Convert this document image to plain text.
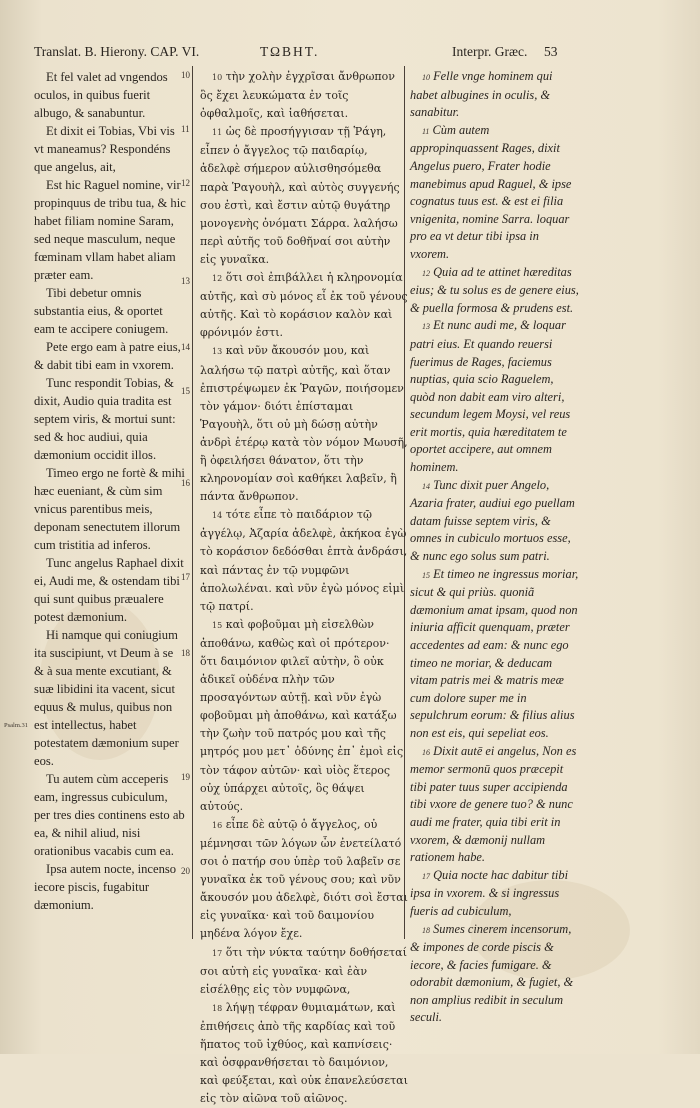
Translat. B. Hierony. CAP. VI.	ΤΩΒΗΤ.	Interpr. Græc. 53
Psalm.31

Et fel valet ad vngendos oculos, in quibus fuerit albugo, & sanabuntur.

Et dixit ei Tobias, Vbi vis vt maneamus? Respondéns que angelus, ait,

Est hic Raguel nomine, vir propinquus de tribu tua, & hic habet filiam nomine Saram, sed neque masculum, neque fœminam vllam habet aliam præter eam.

Tibi debetur omnis substantia eius, & oportet eam te accipere coniugem.

Pete ergo eam à patre eius, & dabit tibi eam in vxorem.

Tunc respondit Tobias, & dixit, Audio quia tradita est septem viris, & mortui sunt: sed & hoc audiui, quia dæmonium occidit illos.

Timeo ergo ne fortè & mihi hæc eueniant, & cùm sim vnicus parentibus meis, deponam senectutem illorum cum tristitia ad inferos.

Tunc angelus Raphael dixit ei, Audi me, & ostendam tibi qui sunt quibus præualere potest dæmonium.

Hi namque qui coniugium ita suscipiunt, vt Deum à se & à sua mente excutiant, & suæ libidini ita vacent, sicut equus & mulus, quibus non est intellectus, habet potestatem dæmonium super eos.

Tu autem cùm acceperis eam, ingressus cubiculum, per tres dies continens esto ab ea, & nihil aliud, nisi orationibus vacabis cum ea.

Ipsa autem nocte, incenso iecore piscis, fugabitur dæmonium.

10
11
12
13
14
15
16
17
18
19
20

10 τὴν χολὴν ἐγχρῖσαι ἄνθρωπον ὃς ἔχει λευκώματα ἐν τοῖς ὀφθαλμοῖς, καὶ ἰαθήσεται.

11 ὡς δὲ προσήγγισαν τῇ Ῥάγη, εἶπεν ὁ ἄγγελος τῷ παιδαρίῳ, ἀδελφὲ σήμερον αὐλισθησόμεθα παρὰ Ῥαγουὴλ, καὶ αὐτὸς συγγενής σου ἐστὶ, καὶ ἔστιν αὐτῷ θυγάτηρ μονογενὴς ὀνόματι Σάρρα. λαλήσω περὶ αὐτῆς τοῦ δοθῆναί σοι αὐτὴν εἰς γυναῖκα.

12 ὅτι σοὶ ἐπιβάλλει ἡ κληρονομία αὐτῆς, καὶ σὺ μόνος εἶ ἐκ τοῦ γένους αὐτῆς. Καὶ τὸ κοράσιον καλὸν καὶ φρόνιμόν ἐστι.

13 καὶ νῦν ἄκουσόν μου, καὶ λαλήσω τῷ πατρὶ αὐτῆς, καὶ ὅταν ἐπιστρέψωμεν ἐκ Ῥαγῶν, ποιήσομεν τὸν γάμον· διότι ἐπίσταμαι Ῥαγουὴλ, ὅτι οὐ μὴ δώσῃ αὐτὴν ἀνδρὶ ἑτέρῳ κατὰ τὸν νόμον Μωυσῆ, ἢ ὀφειλήσει θάνατον, ὅτι τὴν κληρονομίαν σοὶ καθήκει λαβεῖν, ἢ πάντα ἄνθρωπον.

14 τότε εἶπε τὸ παιδάριον τῷ ἀγγέλῳ, Ἀζαρία ἀδελφὲ, ἀκήκοα ἐγὼ τὸ κοράσιον δεδόσθαι ἑπτὰ ἀνδράσι, καὶ πάντας ἐν τῷ νυμφῶνι ἀπολωλέναι. καὶ νῦν ἐγὼ μόνος εἰμὶ τῷ πατρί.

15 καὶ φοβοῦμαι μὴ εἰσελθὼν ἀποθάνω, καθὼς καὶ οἱ πρότερον· ὅτι δαιμόνιον φιλεῖ αὐτὴν, ὃ οὐκ ἀδικεῖ οὐδένα πλὴν τῶν προσαγόντων αὐτῇ. καὶ νῦν ἐγὼ φοβοῦμαι μὴ ἀποθάνω, καὶ κατάξω τὴν ζωὴν τοῦ πατρός μου καὶ τῆς μητρός μου μετ᾽ ὀδύνης ἐπ᾽ ἐμοὶ εἰς τὸν τάφον αὐτῶν· καὶ υἱὸς ἕτερος οὐχ ὑπάρχει αὐτοῖς, ὃς θάψει αὐτούς.

16 εἶπε δὲ αὐτῷ ὁ ἄγγελος, οὐ μέμνησαι τῶν λόγων ὧν ἐνετείλατό σοι ὁ πατήρ σου ὑπὲρ τοῦ λαβεῖν σε γυναῖκα ἐκ τοῦ γένους σου; καὶ νῦν ἄκουσόν μου ἀδελφὲ, διότι σοὶ ἔσται εἰς γυναῖκα· καὶ τοῦ δαιμονίου μηδένα λόγον ἔχε.

17 ὅτι τὴν νύκτα ταύτην δοθήσεταί σοι αὐτὴ εἰς γυναῖκα· καὶ ἐὰν εἰσέλθῃς εἰς τὸν νυμφῶνα,

18 λήψῃ τέφραν θυμιαμάτων, καὶ ἐπιθήσεις ἀπὸ τῆς καρδίας καὶ τοῦ ἥπατος τοῦ ἰχθύος, καὶ καπνίσεις· καὶ ὀσφρανθήσεται τὸ δαιμόνιον, καὶ φεύξεται, καὶ οὐκ ἐπανελεύσεται εἰς τὸν αἰῶνα τοῦ αἰῶνος.

10 Felle vnge hominem qui habet albugines in oculis, & sanabitur.

11 Cùm autem appropinquassent Rages, dixit Angelus puero, Frater hodie manebimus apud Raguel, & ipse cognatus tuus est. & est ei filia vnigenita, nomine Sarra. loquar pro ea vt detur tibi ipsa in vxorem.

12 Quia ad te attinet hæreditas eius; & tu solus es de genere eius, & puella formosa & prudens est.

13 Et nunc audi me, & loquar patri eius. Et quando reuersi fuerimus de Rages, faciemus nuptias, quia scio Raguelem, quòd non dabit eam viro alteri, secundum legem Moysi, vel reus erit mortis, quia hæreditatem te oportet accipere, aut omnem hominem.

14 Tunc dixit puer Angelo, Azaria frater, audiui ego puellam datam fuisse septem viris, & omnes in cubiculo mortuos esse, & nunc ego solus sum patri.

15 Et timeo ne ingressus moriar, sicut & qui priùs. quoniã dæmonium amat ipsam, quod non iniuria afficit quenquam, præter accedentes ad eam: & nunc ego timeo ne moriar, & deducam vitam patris mei & matris meæ cum dolore super me in sepulchrum eorum: & filius alius non est eis, qui sepeliat eos.

16 Dixit autē ei angelus, Non es memor sermonū quos præcepit tibi pater tuus super accipienda tibi vxore de genere tuo? & nunc audi me frater, quia tibi erit in vxorem, & dæmonij nullam rationem habe.

17 Quia nocte hac dabitur tibi ipsa in vxorem. & si ingressus fueris ad cubiculum,

18 Sumes cinerem incensorum, & impones de corde piscis & iecore, & facies fumigare. & odorabit dæmonium, & fugiet, & non amplius redibit in seculum seculi.
